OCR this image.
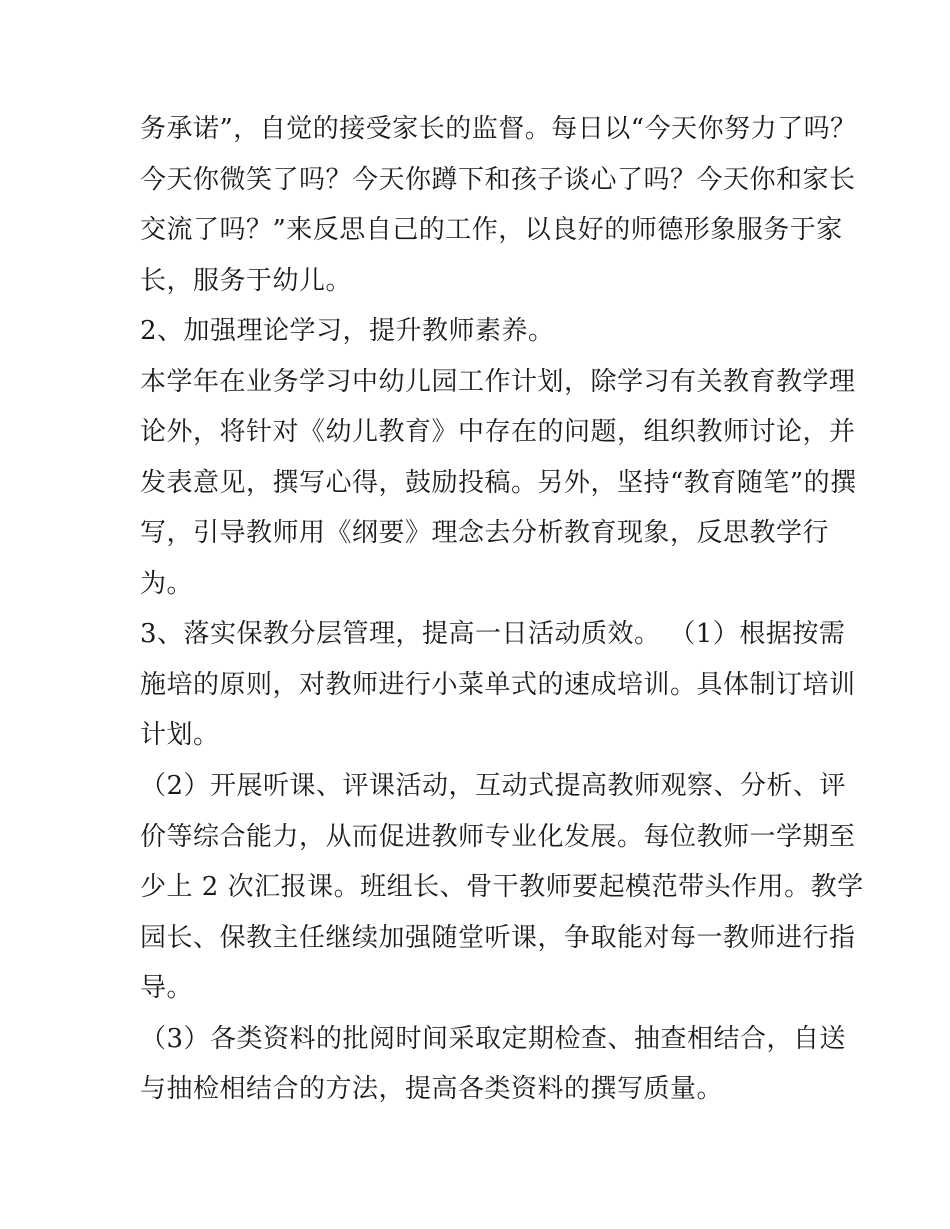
务承诺”，自觉的接受家长的监督。每日以“今天你努力了吗？
今天你微笑了吗？今天你蹲下和孩子谈心了吗？今天你和家长
交流了吗？”来反思自己的工作，以良好的师德形象服务于家
长，服务于幼儿。
2、加强理论学习，提升教师素养。
本学年在业务学习中幼儿园工作计划，除学习有关教育教学理
论外，将针对《幼儿教育》中存在的问题，组织教师讨论，并
发表意见，撰写心得，鼓励投稿。另外，坚持“教育随笔”的撰
写，引导教师用《纲要》理念去分析教育现象，反思教学行
为。
3、落实保教分层管理，提高一日活动质效。 （1）根据按需
施培的原则，对教师进行小菜单式的速成培训。具体制订培训
计划。
（2）开展听课、评课活动，互动式提高教师观察、分析、评
价等综合能力，从而促进教师专业化发展。每位教师一学期至
少上 2 次汇报课。班组长、骨干教师要起模范带头作用。教学
园长、保教主任继续加强随堂听课，争取能对每一教师进行指
导。
（3）各类资料的批阅时间采取定期检查、抽查相结合，自送
与抽检相结合的方法，提高各类资料的撰写质量。
